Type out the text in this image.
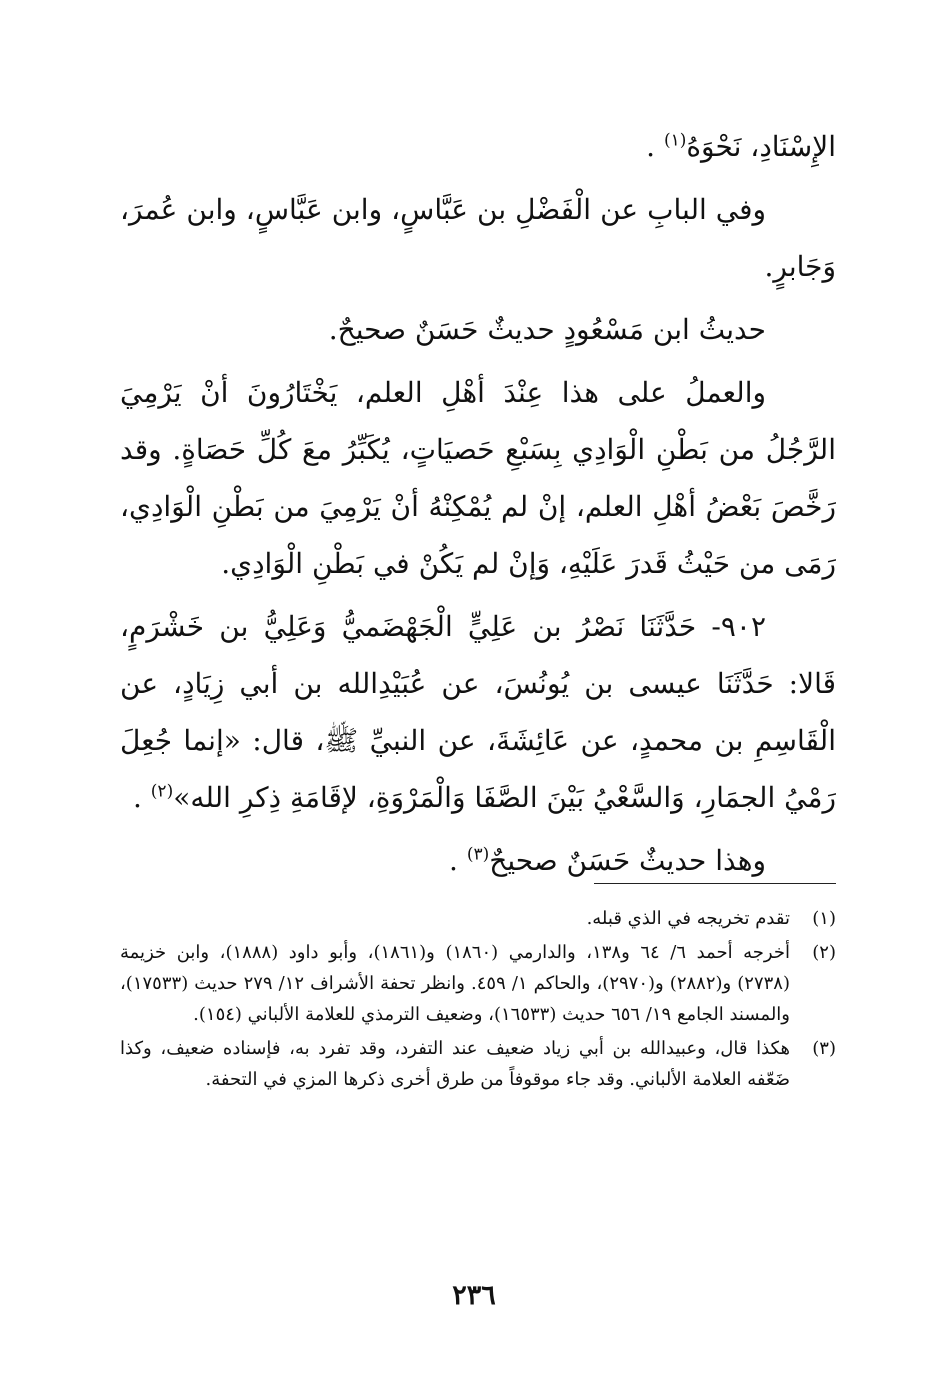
الإِسْنَادِ، نَحْوَهُ$^{(١)}$ .

وفي البابِ عن الْفَضْلِ بن عَبَّاسٍ، وابن عَبَّاسٍ، وابن عُمرَ، وَجَابرٍ.

حديثُ ابن مَسْعُودٍ حديثٌ حَسَنٌ صحيحٌ.

والعملُ على هذا عِنْدَ أهْلِ العلم، يَخْتَارُونَ أنْ يَرْمِيَ الرَّجُلُ من بَطْنِ الْوَادِي بِسَبْعِ حَصيَاتٍ، يُكَبِّرُ معَ كُلِّ حَصَاةٍ. وقد رَخَّصَ بَعْضُ أهْلِ العلم، إنْ لم يُمْكِنْهُ أنْ يَرْمِيَ من بَطْنِ الْوَادِي، رَمَى من حَيْثُ قَدرَ عَلَيْهِ، وَإنْ لم يَكُنْ في بَطْنِ الْوَادِي.

٩٠٢- حَدَّثَنَا نَصْرُ بن عَلِيٍّ الْجَهْضَميُّ وَعَلِيُّ بن خَشْرَمٍ، قَالا: حَدَّثَنَا عيسى بن يُونُسَ، عن عُبَيْدِالله بن أبي زِيَادٍ، عن الْقَاسِمِ بن محمدٍ، عن عَائِشَةَ، عن النبيِّ ﷺ، قال: «إنما جُعِلَ رَمْيُ الجمَارِ، وَالسَّعْيُ بَيْنَ الصَّفَا وَالْمَرْوَةِ، لإقَامَةِ ذِكرِ الله»$^{(٢)}$ .

وهذا حديثٌ حَسَنٌ صحيحٌ$^{(٣)}$ .

(١)
تقدم تخريجه في الذي قبله.
(٢)
أخرجه أحمد ٦/ ٦٤ و١٣٨، والدارمي (١٨٦٠) و(١٨٦١)، وأبو داود (١٨٨٨)، وابن خزيمة (٢٧٣٨) و(٢٨٨٢) و(٢٩٧٠)، والحاكم ١/ ٤٥٩. وانظر تحفة الأشراف ١٢/ ٢٧٩ حديث (١٧٥٣٣)، والمسند الجامع ١٩/ ٦٥٦ حديث (١٦٥٣٣)، وضعيف الترمذي للعلامة الألباني (١٥٤).
(٣)
هكذا قال، وعبيدالله بن أبي زياد ضعيف عند التفرد، وقد تفرد به، فإسناده ضعيف، وكذا ضَعّفه العلامة الألباني. وقد جاء موقوفاً من طرق أخرى ذكرها المزي في التحفة.
٢٣٦
